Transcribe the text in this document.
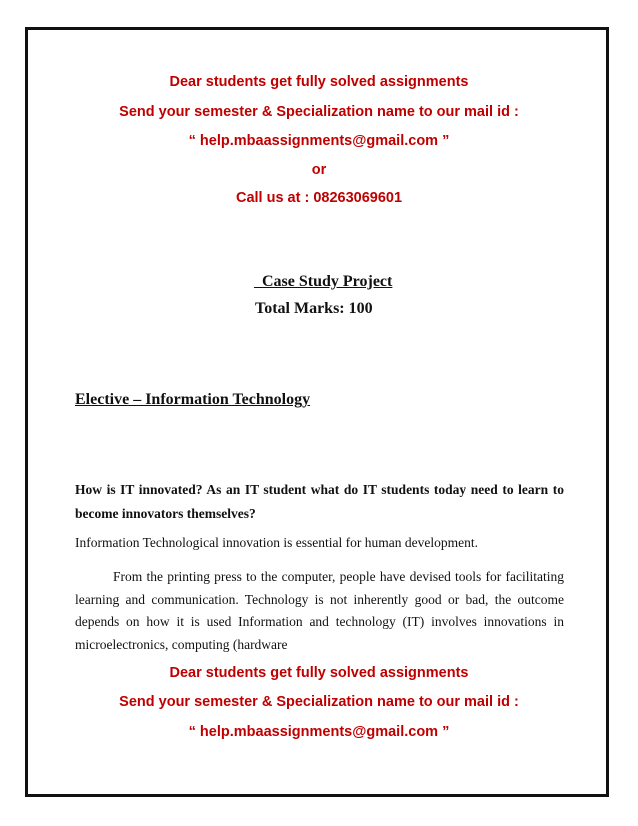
Dear students get fully solved assignments
Send your semester & Specialization name to our mail id :
“ help.mbaassignments@gmail.com ”
or
Call us at : 08263069601
Case Study Project
Total Marks: 100
Elective – Information Technology
How is IT innovated? As an IT student what do IT students today need to learn to become innovators themselves?
Information Technological innovation is essential for human development.
From the printing press to the computer, people have devised tools for facilitating learning and communication. Technology is not inherently good or bad, the outcome depends on how it is used Information and technology (IT) involves innovations in microelectronics, computing (hardware
Dear students get fully solved assignments
Send your semester & Specialization name to our mail id :
“ help.mbaassignments@gmail.com ”
